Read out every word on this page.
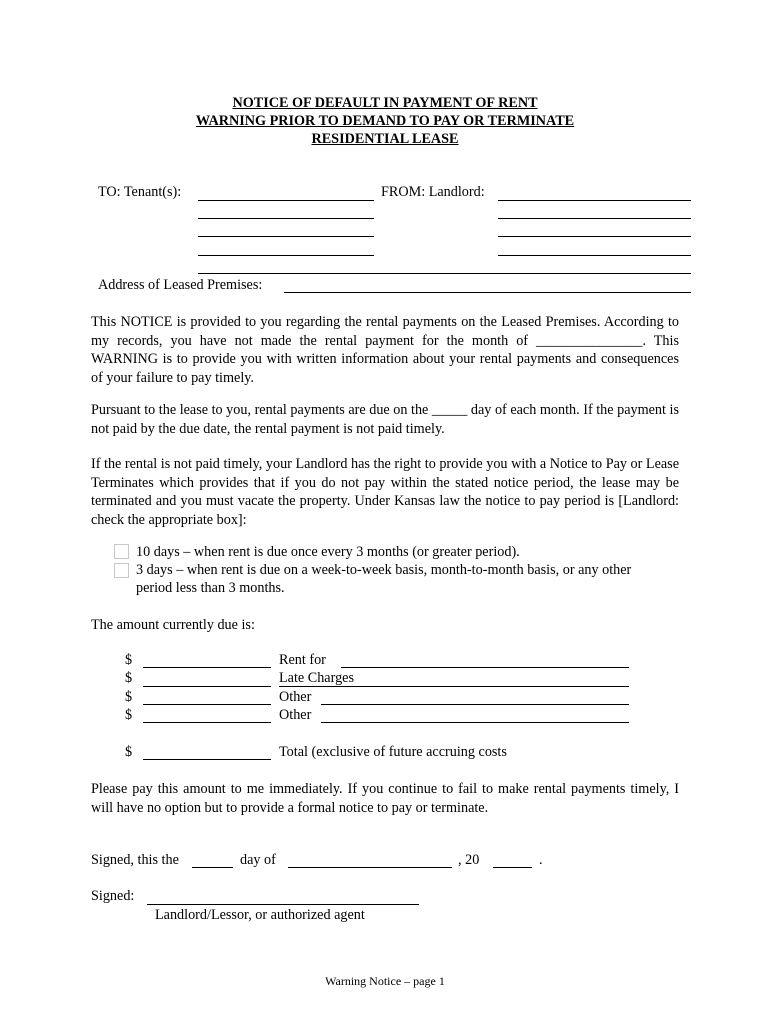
NOTICE OF DEFAULT IN PAYMENT OF RENT
WARNING PRIOR TO DEMAND TO PAY OR TERMINATE
RESIDENTIAL LEASE
TO: Tenant(s):	FROM: Landlord:
Address of Leased Premises:

This NOTICE is provided to you regarding the rental payments on the Leased Premises. According to my records, you have not made the rental payment for the month of _______________. This WARNING is to provide you with written information about your rental payments and consequences of your failure to pay timely.

Pursuant to the lease to you, rental payments are due on the _____ day of each month. If the payment is not paid by the due date, the rental payment is not paid timely.

If the rental is not paid timely, your Landlord has the right to provide you with a Notice to Pay or Lease Terminates which provides that if you do not pay within the stated notice period, the lease may be terminated and you must vacate the property. Under Kansas law the notice to pay period is [Landlord: check the appropriate box]:

10 days – when rent is due once every 3 months (or greater period).
3 days – when rent is due on a week-to-week basis, month-to-month basis, or any other
period less than 3 months.
The amount currently due is:
$	Rent for
$	Late Charges
$	Other
$	Other
$	Total (exclusive of future accruing costs

Please pay this amount to me immediately. If you continue to fail to make rental payments timely, I will have no option but to provide a formal notice to pay or terminate.

Signed, this the	day of	, 20	.
Signed:
Landlord/Lessor, or authorized agent
Warning Notice – page 1
